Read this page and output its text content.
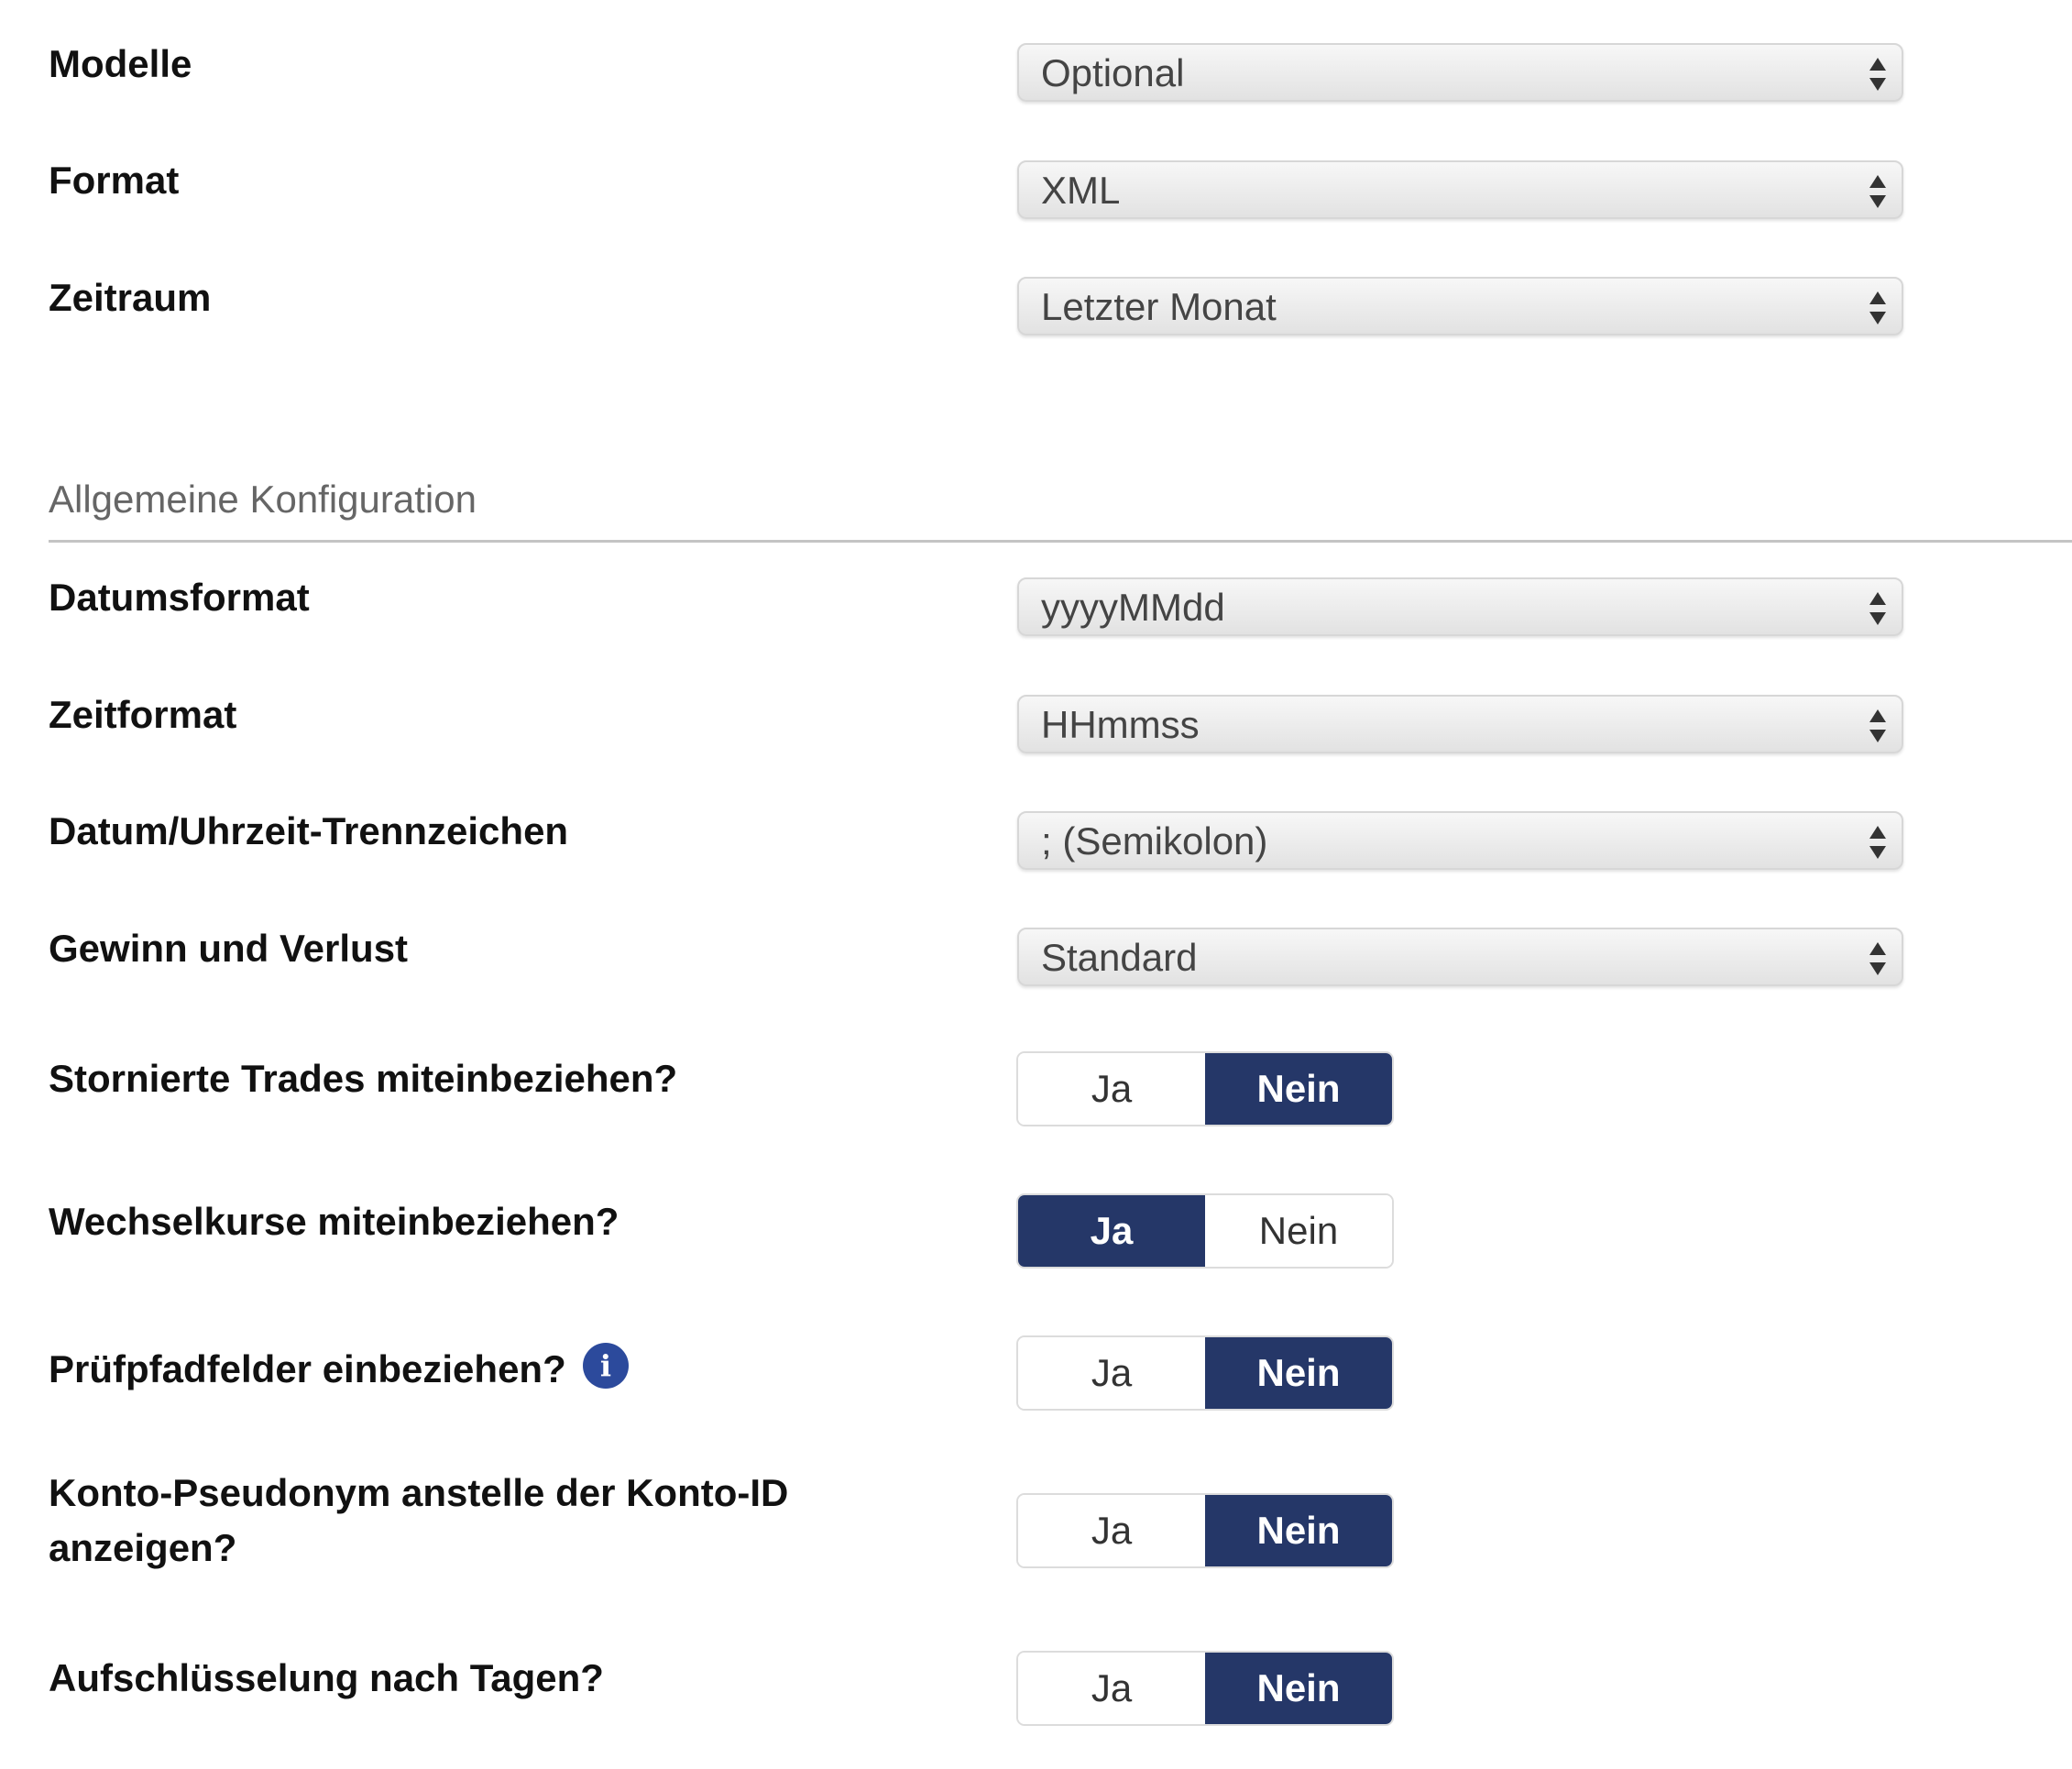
Modelle	Optional
Format	XML
Zeitraum	Letzter Monat
Allgemeine Konfiguration
Datumsformat	yyyyMMdd
Zeitformat	HHmmss
Datum/Uhrzeit-Trennzeichen	; (Semikolon)
Gewinn und Verlust	Standard
Stornierte Trades miteinbeziehen?	Ja	Nein
Wechselkurse miteinbeziehen?	Ja	Nein
Prüfpfadfelder einbeziehen?	i	Ja	Nein
Konto-Pseudonym anstelle der Konto-ID anzeigen?	Ja	Nein
Aufschlüsselung nach Tagen?	Ja	Nein
